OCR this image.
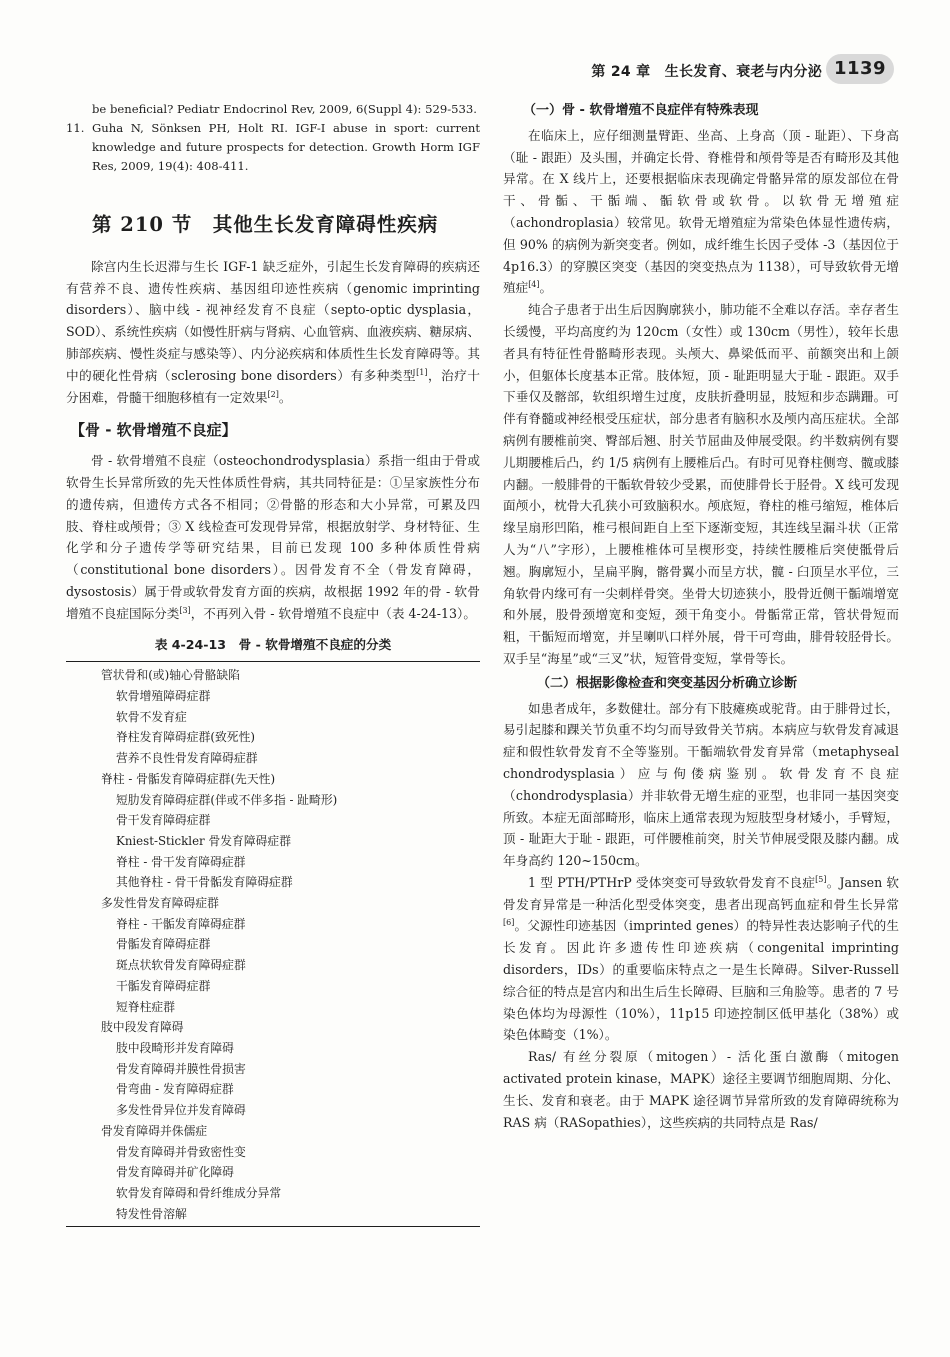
第 24 章　生长发育、衰老与内分泌 1139

be beneficial? Pediatr Endocrinol Rev, 2009, 6(Suppl 4): 529-533.

11. Guha N, Sönksen PH, Holt RI. IGF-I abuse in sport: current knowledge and future prospects for detection. Growth Horm IGF Res, 2009, 19(4): 408-411.

第 210 节　其他生长发育障碍性疾病

除宫内生长迟滞与生长 IGF-1 缺乏症外，引起生长发育障碍的疾病还有营养不良、遗传性疾病、基因组印迹性疾病（genomic imprinting disorders）、脑中线 - 视神经发育不良症（septo-optic dysplasia，SOD）、系统性疾病（如慢性肝病与肾病、心血管病、血液疾病、糖尿病、肺部疾病、慢性炎症与感染等）、内分泌疾病和体质性生长发育障碍等。其中的硬化性骨病（sclerosing bone disorders）有多种类型[1]，治疗十分困难，骨髓干细胞移植有一定效果[2]。

【骨 - 软骨增殖不良症】

骨 - 软骨增殖不良症（osteochondrodysplasia）系指一组由于骨或软骨生长异常所致的先天性体质性骨病，其共同特征是：①呈家族性分布的遗传病，但遗传方式各不相同；②骨骼的形态和大小异常，可累及四肢、脊柱或颅骨；③ X 线检查可发现骨异常，根据放射学、身材特征、生化学和分子遗传学等研究结果，目前已发现 100 多种体质性骨病（constitutional bone disorders）。因骨发育不全（骨发育障碍，dysostosis）属于骨或软骨发育方面的疾病，故根据 1992 年的骨 - 软骨增殖不良症国际分类[3]，不再列入骨 - 软骨增殖不良症中（表 4-24-13）。

表 4-24-13　骨 - 软骨增殖不良症的分类
管状骨和(或)轴心骨骼缺陷
软骨增殖障碍症群
软骨不发育症
脊柱发育障碍症群(致死性)
营养不良性骨发育障碍症群
脊柱 - 骨骺发育障碍症群(先天性)
短肋发育障碍症群(伴或不伴多指 - 趾畸形)
骨干发育障碍症群
Kniest-Stickler 骨发育障碍症群
脊柱 - 骨干发育障碍症群
其他脊柱 - 骨干骨骺发育障碍症群
多发性骨发育障碍症群
脊柱 - 干骺发育障碍症群
骨骺发育障碍症群
斑点状软骨发育障碍症群
干骺发育障碍症群
短脊柱症群
肢中段发育障碍
肢中段畸形并发育障碍
骨发育障碍并膜性骨损害
骨弯曲 - 发育障碍症群
多发性骨异位并发育障碍
骨发育障碍并侏儒症
骨发育障碍并骨致密性变
骨发育障碍并矿化障碍
软骨发育障碍和骨纤维成分异常
特发性骨溶解
（一）骨 - 软骨增殖不良症伴有特殊表现

在临床上，应仔细测量臂距、坐高、上身高（顶 - 耻距）、下身高（耻 - 跟距）及头围，并确定长骨、脊椎骨和颅骨等是否有畸形及其他异常。在 X 线片上，还要根据临床表现确定骨骼异常的原发部位在骨干、骨骺、干骺端、骺软骨或软骨。以软骨无增殖症（achondroplasia）较常见。软骨无增殖症为常染色体显性遗传病，但 90% 的病例为新突变者。例如，成纤维生长因子受体 -3（基因位于 4p16.3）的穿膜区突变（基因的突变热点为 1138），可导致软骨无增殖症[4]。

纯合子患者于出生后因胸廓狭小，肺功能不全难以存活。幸存者生长缓慢，平均高度约为 120cm（女性）或 130cm（男性），较年长患者具有特征性骨骼畸形表现。头颅大、鼻梁低而平、前额突出和上颌小，但躯体长度基本正常。肢体短，顶 - 耻距明显大于耻 - 跟距。双手下垂仅及髂部，软组织增生过度，皮肤折叠明显，肢短和步态蹒跚。可伴有脊髓或神经根受压症状，部分患者有脑积水及颅内高压症状。全部病例有腰椎前突、臀部后翘、肘关节屈曲及伸展受限。约半数病例有婴儿期腰椎后凸，约 1/5 病例有上腰椎后凸。有时可见脊柱侧弯、髋或膝内翻。一般腓骨的干骺软骨较少受累，而使腓骨长于胫骨。X 线可发现面颅小，枕骨大孔狭小可致脑积水。颅底短，脊柱的椎弓缩短，椎体后缘呈扇形凹陷，椎弓根间距自上至下逐渐变短，其连线呈漏斗状（正常人为“八”字形），上腰椎椎体可呈楔形变，持续性腰椎后突使骶骨后翘。胸廓短小，呈扁平胸，髂骨翼小而呈方状，髋 - 臼顶呈水平位，三角软骨内缘可有一尖刺样骨突。坐骨大切迹狭小，股骨近侧干骺端增宽和外展，股骨颈增宽和变短，颈干角变小。骨骺常正常，管状骨短而粗，干骺短而增宽，并呈喇叭口样外展，骨干可弯曲，腓骨较胫骨长。双手呈“海星”或“三叉”状，短管骨变短，掌骨等长。

（二）根据影像检查和突变基因分析确立诊断

如患者成年，多数健壮。部分有下肢瘫痪或驼背。由于腓骨过长，易引起膝和踝关节负重不均匀而导致骨关节病。本病应与软骨发育减退症和假性软骨发育不全等鉴别。干骺端软骨发育异常（metaphyseal chondrodysplasia）应与佝偻病鉴别。软骨发育不良症（chondrodysplasia）并非软骨无增生症的亚型，也非同一基因突变所致。本症无面部畸形，临床上通常表现为短肢型身材矮小，手臂短，顶 - 耻距大于耻 - 跟距，可伴腰椎前突，肘关节伸展受限及膝内翻。成年身高约 120~150cm。

1 型 PTH/PTHrP 受体突变可导致软骨发育不良症[5]。Jansen 软骨发育异常是一种活化型受体突变，患者出现高钙血症和骨生长异常[6]。父源性印迹基因（imprinted genes）的特异性表达影响子代的生长发育。因此许多遗传性印迹疾病（congenital imprinting disorders，IDs）的重要临床特点之一是生长障碍。Silver-Russell 综合征的特点是宫内和出生后生长障碍、巨脑和三角脸等。患者的 7 号染色体均为母源性（10%），11p15 印迹控制区低甲基化（38%）或染色体畸变（1%）。

Ras/ 有丝分裂原（mitogen）- 活化蛋白激酶（mitogen activated protein kinase，MAPK）途径主要调节细胞周期、分化、生长、发育和衰老。由于 MAPK 途径调节异常所致的发育障碍统称为 RAS 病（RASopathies），这些疾病的共同特点是 Ras/
